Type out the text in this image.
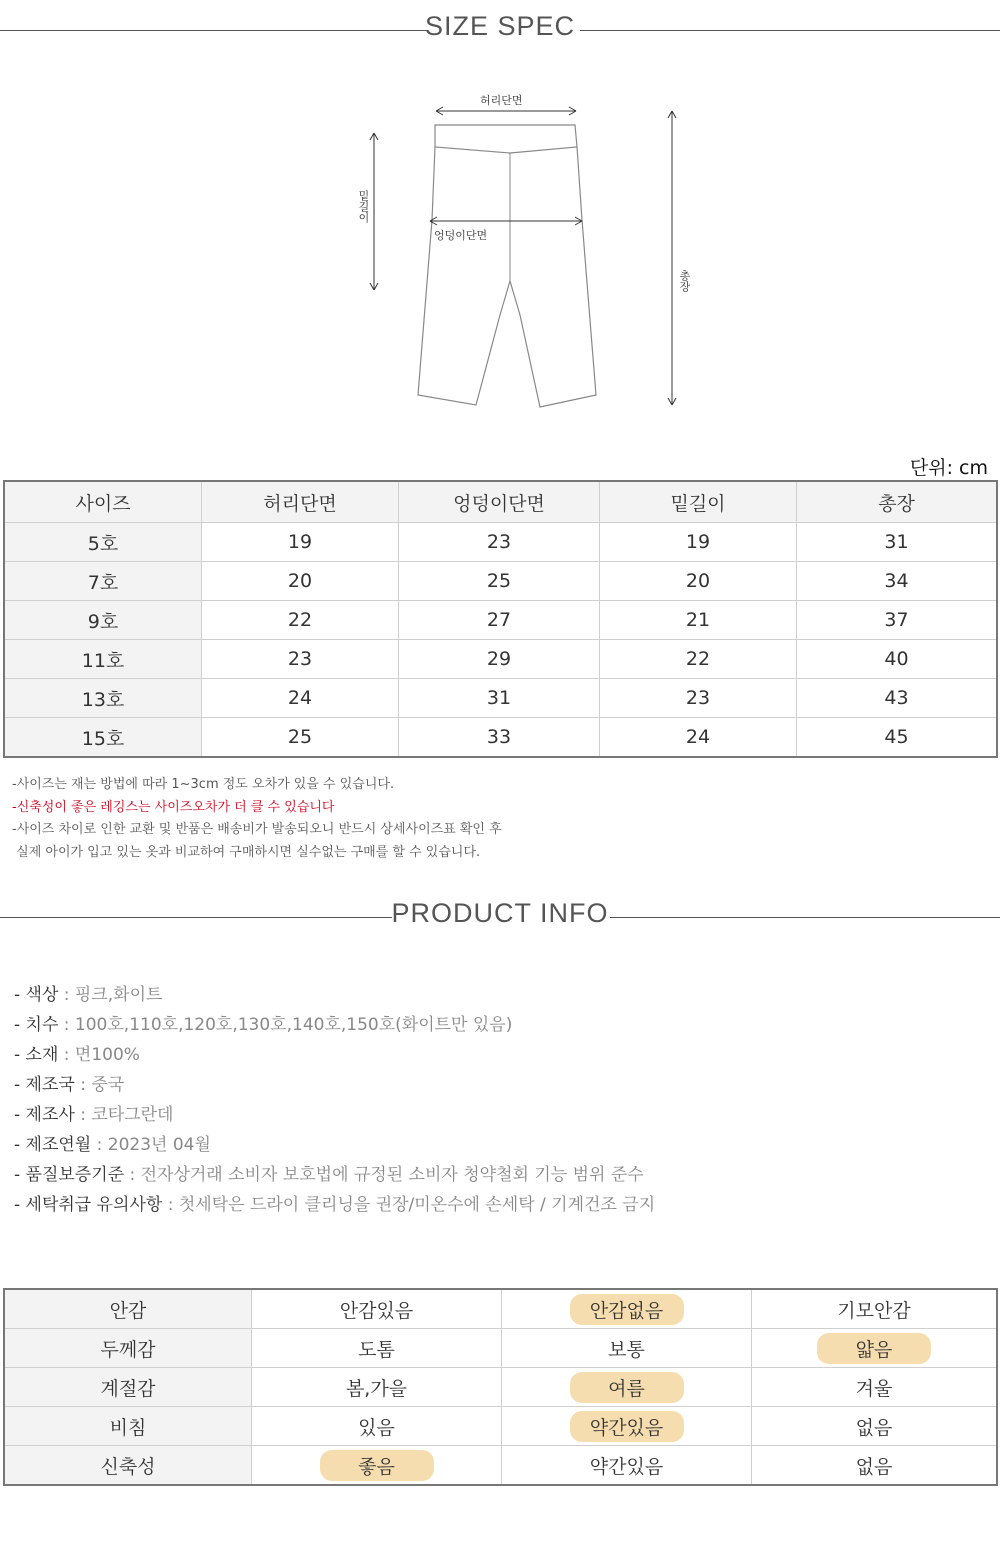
SIZE SPEC
허리단면
엉덩이단면
밑길이
총장
단위: cm
사이즈	허리단면	엉덩이단면	밑길이	총장
5호	19	23	19	31
7호	20	25	20	34
9호	22	27	21	37
11호	23	29	22	40
13호	24	31	23	43
15호	25	33	24	45
-사이즈는 재는 방법에 따라 1~3cm 정도 오차가 있을 수 있습니다.
-신축성이 좋은 레깅스는 사이즈오차가 더 클 수 있습니다
-사이즈 차이로 인한 교환 및 반품은 배송비가 발송되오니 반드시 상세사이즈표 확인 후
실제 아이가 입고 있는 옷과 비교하여 구매하시면 실수없는 구매를 할 수 있습니다.
PRODUCT INFO
- 색상 : 핑크,화이트
- 치수 : 100호,110호,120호,130호,140호,150호(화이트만 있음)
- 소재 : 면100%
- 제조국 : 중국
- 제조사 : 코타그란데
- 제조연월 : 2023년 04월
- 품질보증기준 : 전자상거래 소비자 보호법에 규정된 소비자 청약철회 기능 범위 준수
- 세탁취급 유의사항 : 첫세탁은 드라이 클리닝을 권장/미온수에 손세탁 / 기계건조 금지
안감	안감있음	안감없음	기모안감
두께감	도톰	보통	얇음
계절감	봄,가을	여름	겨울
비침	있음	약간있음	없음
신축성	좋음	약간있음	없음
